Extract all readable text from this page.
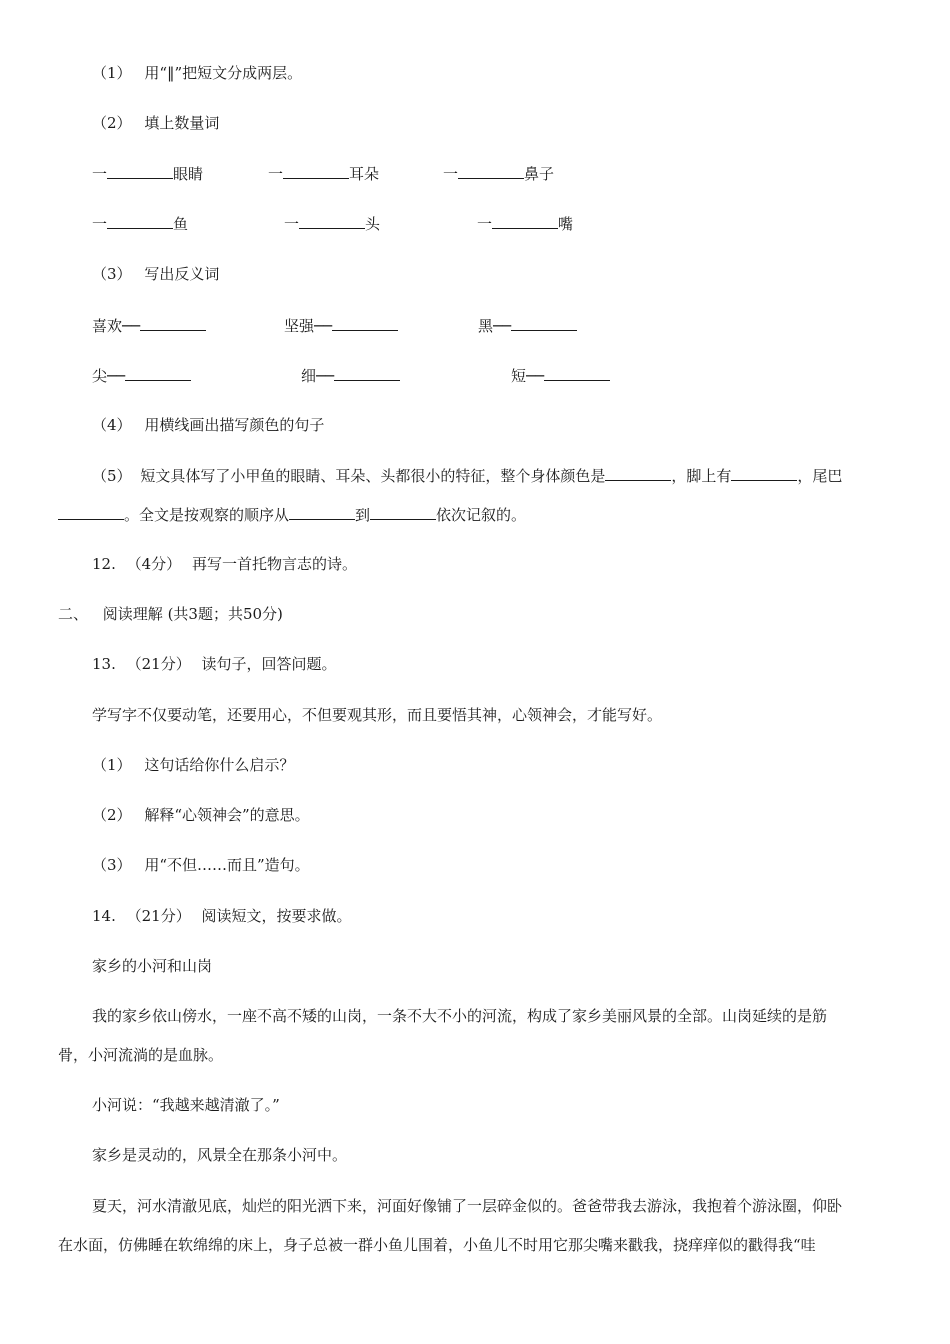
（1） 用“‖”把短文分成两层。
（2） 填上数量词
一	眼睛	一	耳朵	一	鼻子
一	鱼	一	头	一	嘴
（3） 写出反义词
喜欢──	坚强──	黑──
尖──	细──	短──
（4） 用横线画出描写颜色的句子
（5） 短文具体写了小甲鱼的眼睛、耳朵、头都很小的特征，整个身体颜色是	，脚上有	，尾巴
。全文是按观察的顺序从	到	依次记叙的。
12. （4分） 再写一首托物言志的诗。
二、 阅读理解 (共3题；共50分)
13. （21分） 读句子，回答问题。
学写字不仅要动笔，还要用心，不但要观其形，而且要悟其神，心领神会，才能写好。
（1） 这句话给你什么启示？
（2） 解释“心领神会”的意思。
（3） 用“不但……而且”造句。
14. （21分） 阅读短文，按要求做。
家乡的小河和山岗
我的家乡依山傍水，一座不高不矮的山岗，一条不大不小的河流，构成了家乡美丽风景的全部。山岗延续的是筋
骨，小河流淌的是血脉。
小河说：“我越来越清澈了。”
家乡是灵动的，风景全在那条小河中。
夏天，河水清澈见底，灿烂的阳光洒下来，河面好像铺了一层碎金似的。爸爸带我去游泳，我抱着个游泳圈，仰卧
在水面，仿佛睡在软绵绵的床上，身子总被一群小鱼儿围着，小鱼儿不时用它那尖嘴来戳我，挠痒痒似的戳得我“哇
